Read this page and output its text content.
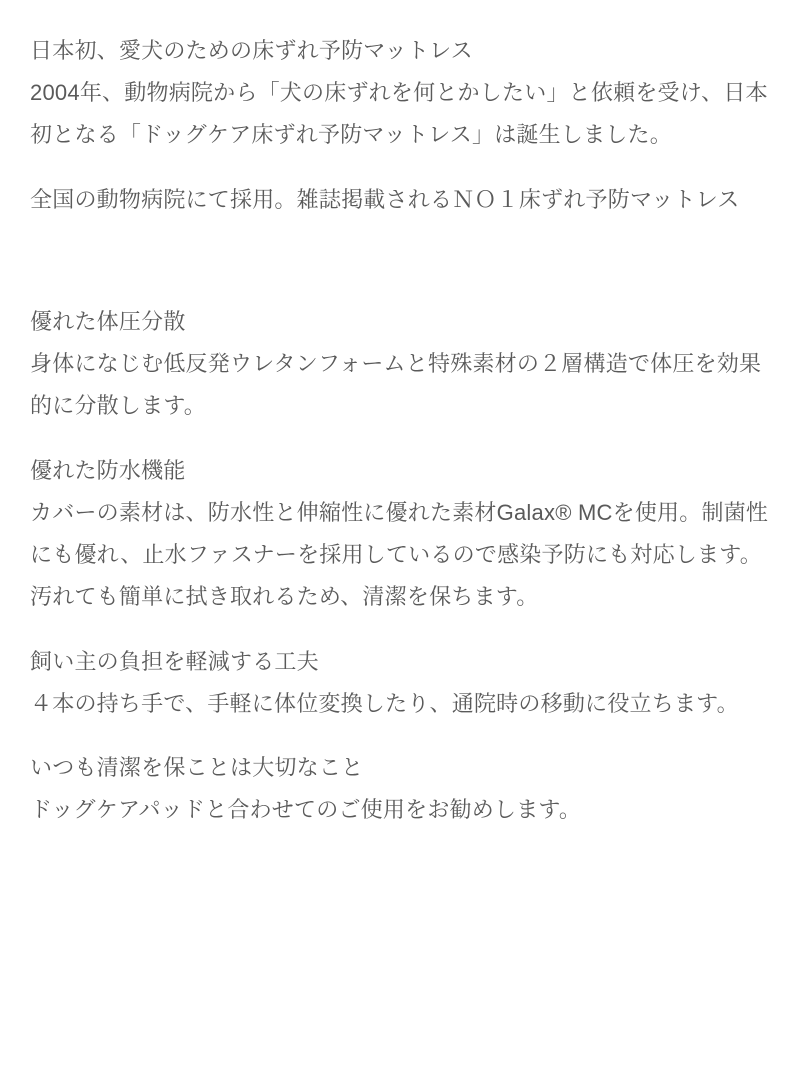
日本初、愛犬のための床ずれ予防マットレス

2004年、動物病院から「犬の床ずれを何とかしたい」と依頼を受け、日本初となる「ドッグケア床ずれ予防マットレス」は誕生しました。

全国の動物病院にて採用。雑誌掲載されるＮＯ１床ずれ予防マットレス

優れた体圧分散

身体になじむ低反発ウレタンフォームと特殊素材の２層構造で体圧を効果的に分散します。

優れた防水機能

カバーの素材は、防水性と伸縮性に優れた素材Galax® MCを使用。制菌性にも優れ、止水ファスナーを採用しているので感染予防にも対応します。汚れても簡単に拭き取れるため、清潔を保ちます。

飼い主の負担を軽減する工夫

４本の持ち手で、手軽に体位変換したり、通院時の移動に役立ちます。

いつも清潔を保ことは大切なこと

ドッグケアパッドと合わせてのご使用をお勧めします。
